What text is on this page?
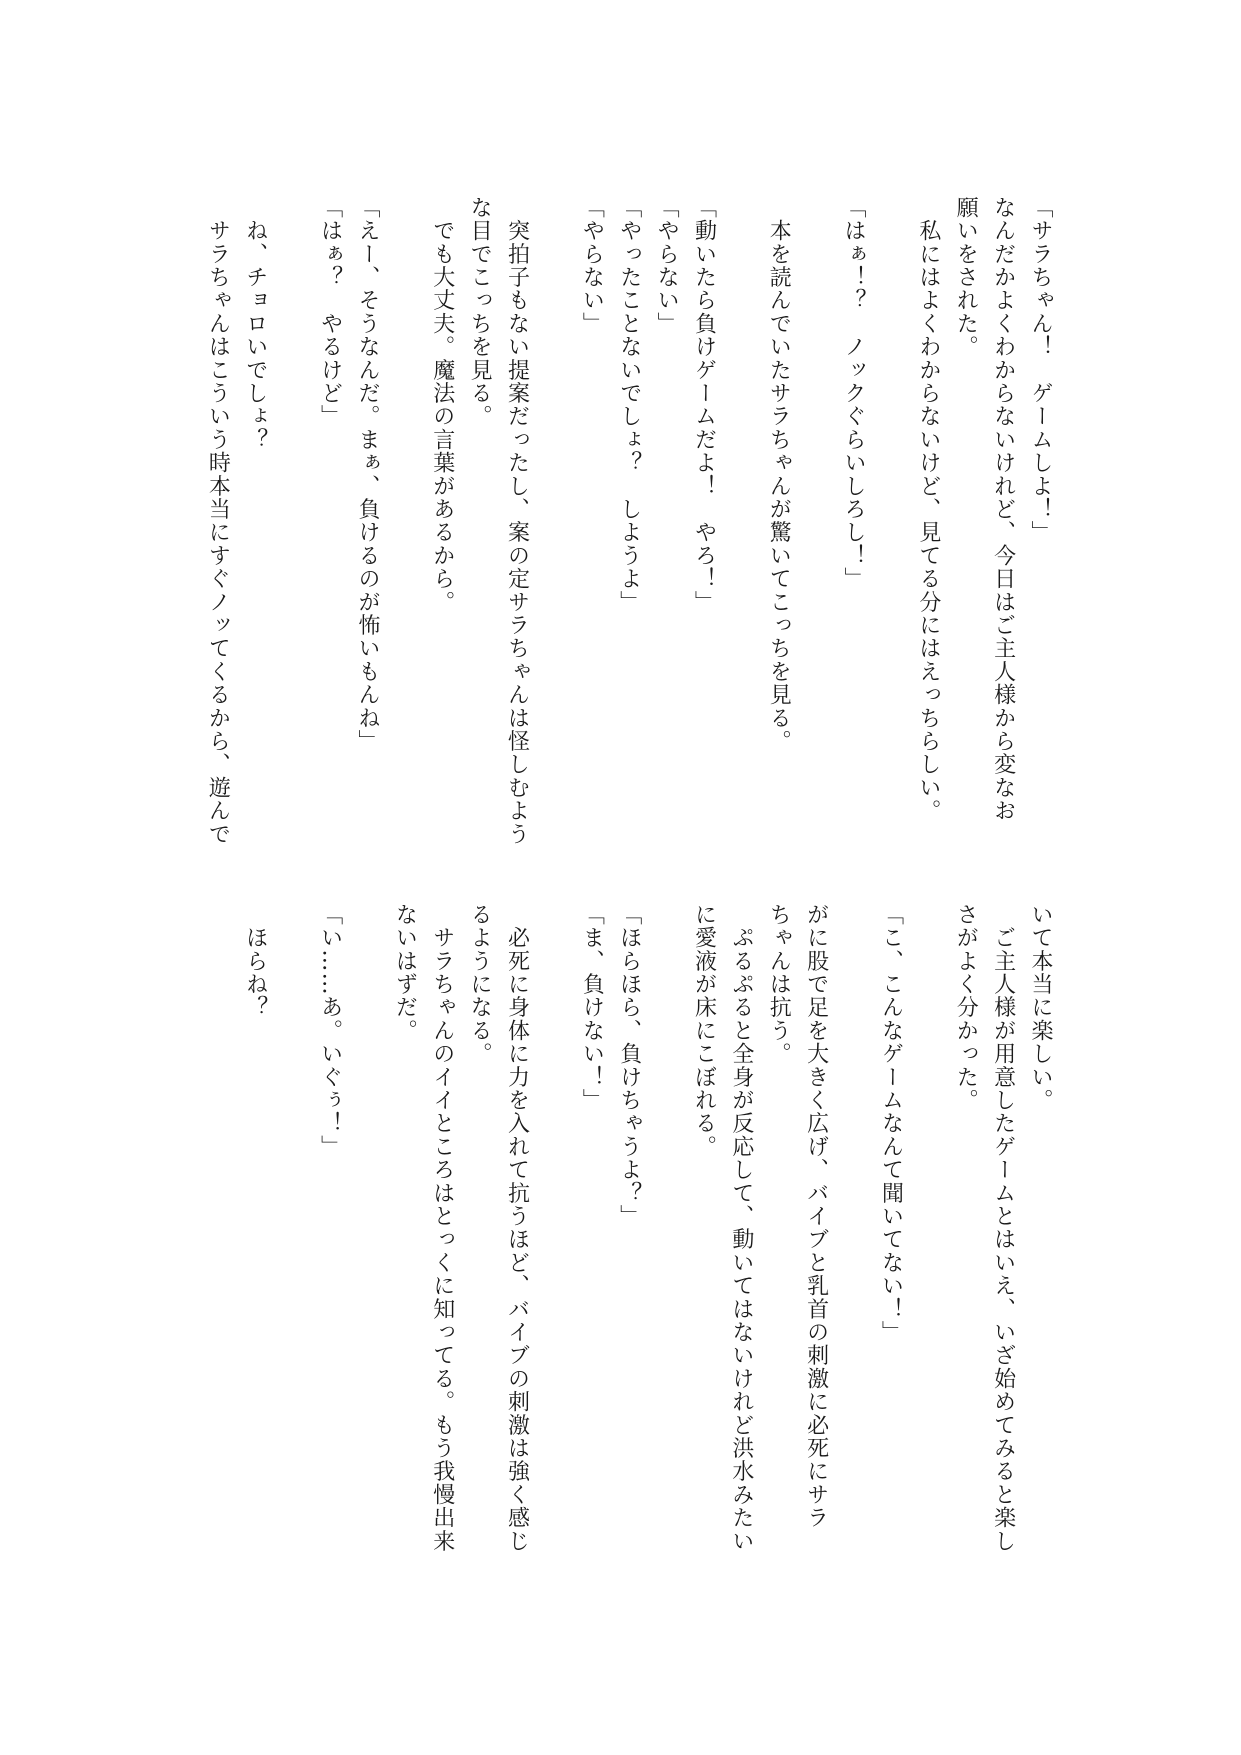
「サラちゃん！　ゲームしよ！」
なんだかよくわからないけれど、今日はご主人様から変なお
願いをされた。
　私にはよくわからないけど、見てる分にはえっちらしい。
「はぁ！？　ノックぐらいしろし！」
　本を読んでいたサラちゃんが驚いてこっちを見る。
「動いたら負けゲームだよ！　やろ！」
「やらない」
「やったことないでしょ？　しようよ」
「やらない」
　突拍子もない提案だったし、案の定サラちゃんは怪しむよう
な目でこっちを見る。
　でも大丈夫。魔法の言葉があるから。
「えー、そうなんだ。まぁ、負けるのが怖いもんね」
「はぁ？　やるけど」
　ね、チョロいでしょ？
　サラちゃんはこういう時本当にすぐノッてくるから、遊んで
いて本当に楽しい。
　ご主人様が用意したゲームとはいえ、いざ始めてみると楽し
さがよく分かった。
「こ、こんなゲームなんて聞いてない！」
がに股で足を大きく広げ、バイブと乳首の刺激に必死にサラ
ちゃんは抗う。
　ぷるぷると全身が反応して、動いてはないけれど洪水みたい
に愛液が床にこぼれる。
「ほらほら、負けちゃうよ？」
「ま、負けない！」
　必死に身体に力を入れて抗うほど、バイブの刺激は強く感じ
るようになる。
　サラちゃんのイイところはとっくに知ってる。もう我慢出来
ないはずだ。
「い……あ。いぐぅ！」
　ほらね？
